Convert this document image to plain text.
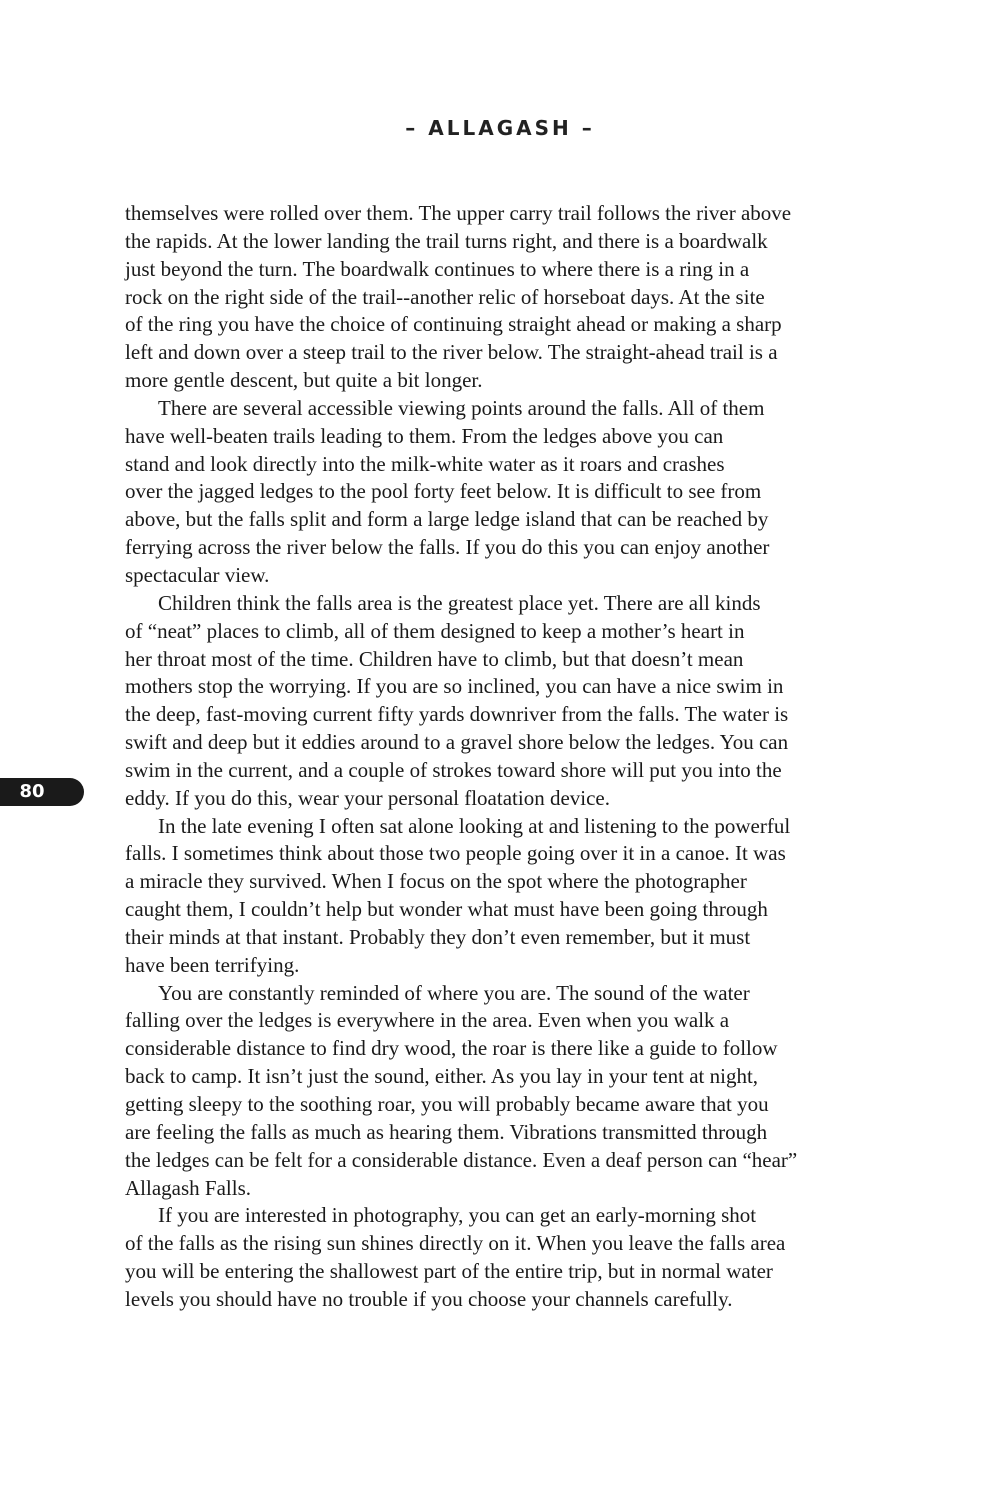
– ALLAGASH –

themselves were rolled over them. The upper carry trail follows the river above
the rapids. At the lower landing the trail turns right, and there is a boardwalk
just beyond the turn. The boardwalk continues to where there is a ring in a
rock on the right side of the trail--another relic of horseboat days. At the site
of the ring you have the choice of continuing straight ahead or making a sharp
left and down over a steep trail to the river below. The straight-ahead trail is a
more gentle descent, but quite a bit longer.

There are several accessible viewing points around the falls. All of them
have well-beaten trails leading to them. From the ledges above you can
stand and look directly into the milk-white water as it roars and crashes
over the jagged ledges to the pool forty feet below. It is difficult to see from
above, but the falls split and form a large ledge island that can be reached by
ferrying across the river below the falls. If you do this you can enjoy another
spectacular view.

Children think the falls area is the greatest place yet. There are all kinds
of “neat” places to climb, all of them designed to keep a mother’s heart in
her throat most of the time. Children have to climb, but that doesn’t mean
mothers stop the worrying. If you are so inclined, you can have a nice swim in
the deep, fast-moving current fifty yards downriver from the falls. The water is
swift and deep but it eddies around to a gravel shore below the ledges. You can
swim in the current, and a couple of strokes toward shore will put you into the
eddy. If you do this, wear your personal floatation device.

In the late evening I often sat alone looking at and listening to the powerful
falls. I sometimes think about those two people going over it in a canoe. It was
a miracle they survived. When I focus on the spot where the photographer
caught them, I couldn’t help but wonder what must have been going through
their minds at that instant. Probably they don’t even remember, but it must
have been terrifying.

You are constantly reminded of where you are. The sound of the water
falling over the ledges is everywhere in the area. Even when you walk a
considerable distance to find dry wood, the roar is there like a guide to follow
back to camp. It isn’t just the sound, either. As you lay in your tent at night,
getting sleepy to the soothing roar, you will probably became aware that you
are feeling the falls as much as hearing them. Vibrations transmitted through
the ledges can be felt for a considerable distance. Even a deaf person can “hear”
Allagash Falls.

If you are interested in photography, you can get an early-morning shot
of the falls as the rising sun shines directly on it. When you leave the falls area
you will be entering the shallowest part of the entire trip, but in normal water
levels you should have no trouble if you choose your channels carefully.

80
